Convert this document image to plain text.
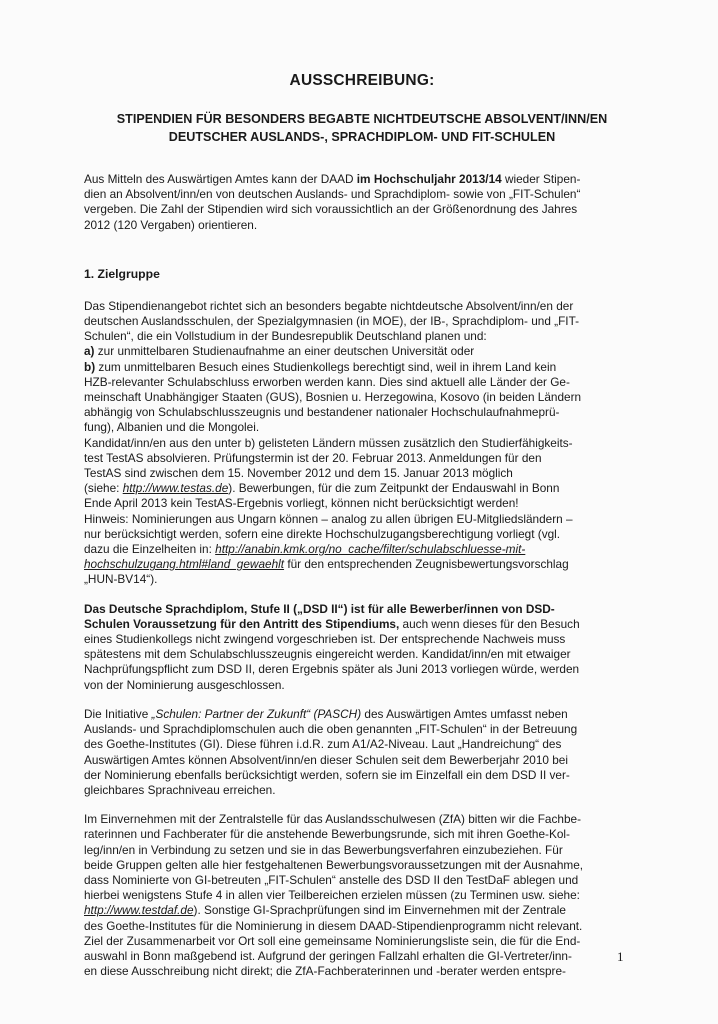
AUSSCHREIBUNG:
STIPENDIEN FÜR BESONDERS BEGABTE NICHTDEUTSCHE ABSOLVENT/INN/EN
DEUTSCHER AUSLANDS-, SPRACHDIPLOM- UND FIT-SCHULEN
Aus Mitteln des Auswärtigen Amtes kann der DAAD im Hochschuljahr 2013/14 wieder Stipen-
dien an Absolvent/inn/en von deutschen Auslands- und Sprachdiplom- sowie von „FIT-Schulen“
vergeben. Die Zahl der Stipendien wird sich voraussichtlich an der Größenordnung des Jahres
2012 (120 Vergaben) orientieren.
1. Zielgruppe
Das Stipendienangebot richtet sich an besonders begabte nichtdeutsche Absolvent/inn/en der
deutschen Auslandsschulen, der Spezialgymnasien (in MOE), der IB-, Sprachdiplom- und „FIT-
Schulen“, die ein Vollstudium in der Bundesrepublik Deutschland planen und:
a) zur unmittelbaren Studienaufnahme an einer deutschen Universität oder
b) zum unmittelbaren Besuch eines Studienkollegs berechtigt sind, weil in ihrem Land kein
HZB-relevanter Schulabschluss erworben werden kann. Dies sind aktuell alle Länder der Ge-
meinschaft Unabhängiger Staaten (GUS), Bosnien u. Herzegowina, Kosovo (in beiden Ländern
abhängig von Schulabschlusszeugnis und bestandener nationaler Hochschulaufnahmeprü-
fung), Albanien und die Mongolei.
Kandidat/inn/en aus den unter b) gelisteten Ländern müssen zusätzlich den Studierfähigkeits-
test TestAS absolvieren. Prüfungstermin ist der 20. Februar 2013. Anmeldungen für den
TestAS sind zwischen dem 15. November 2012 und dem 15. Januar 2013 möglich
(siehe: http://www.testas.de). Bewerbungen, für die zum Zeitpunkt der Endauswahl in Bonn
Ende April 2013 kein TestAS-Ergebnis vorliegt, können nicht berücksichtigt werden!
Hinweis: Nominierungen aus Ungarn können – analog zu allen übrigen EU-Mitgliedsländern –
nur berücksichtigt werden, sofern eine direkte Hochschulzugangsberechtigung vorliegt (vgl.
dazu die Einzelheiten in: http://anabin.kmk.org/no_cache/filter/schulabschluesse-mit-
hochschulzugang.html#land_gewaehlt für den entsprechenden Zeugnisbewertungsvorschlag
„HUN-BV14“).
Das Deutsche Sprachdiplom, Stufe II („DSD II“) ist für alle Bewerber/innen von DSD-
Schulen Voraussetzung für den Antritt des Stipendiums, auch wenn dieses für den Besuch
eines Studienkollegs nicht zwingend vorgeschrieben ist. Der entsprechende Nachweis muss
spätestens mit dem Schulabschlusszeugnis eingereicht werden. Kandidat/inn/en mit etwaiger
Nachprüfungspflicht zum DSD II, deren Ergebnis später als Juni 2013 vorliegen würde, werden
von der Nominierung ausgeschlossen.
Die Initiative „Schulen: Partner der Zukunft“ (PASCH) des Auswärtigen Amtes umfasst neben
Auslands- und Sprachdiplomschulen auch die oben genannten „FIT-Schulen“ in der Betreuung
des Goethe-Institutes (GI). Diese führen i.d.R. zum A1/A2-Niveau. Laut „Handreichung“ des
Auswärtigen Amtes können Absolvent/inn/en dieser Schulen seit dem Bewerberjahr 2010 bei
der Nominierung ebenfalls berücksichtigt werden, sofern sie im Einzelfall ein dem DSD II ver-
gleichbares Sprachniveau erreichen.
Im Einvernehmen mit der Zentralstelle für das Auslandsschulwesen (ZfA) bitten wir die Fachbe-
raterinnen und Fachberater für die anstehende Bewerbungsrunde, sich mit ihren Goethe-Kol-
leg/inn/en in Verbindung zu setzen und sie in das Bewerbungsverfahren einzubeziehen. Für
beide Gruppen gelten alle hier festgehaltenen Bewerbungsvoraussetzungen mit der Ausnahme,
dass Nominierte von GI-betreuten „FIT-Schulen“ anstelle des DSD II den TestDaF ablegen und
hierbei wenigstens Stufe 4 in allen vier Teilbereichen erzielen müssen (zu Terminen usw. siehe:
http://www.testdaf.de). Sonstige GI-Sprachprüfungen sind im Einvernehmen mit der Zentrale
des Goethe-Institutes für die Nominierung in diesem DAAD-Stipendienprogramm nicht relevant.
Ziel der Zusammenarbeit vor Ort soll eine gemeinsame Nominierungsliste sein, die für die End-
auswahl in Bonn maßgebend ist. Aufgrund der geringen Fallzahl erhalten die GI-Vertreter/inn-
en diese Ausschreibung nicht direkt; die ZfA-Fachberaterinnen und -berater werden entspre-
1
